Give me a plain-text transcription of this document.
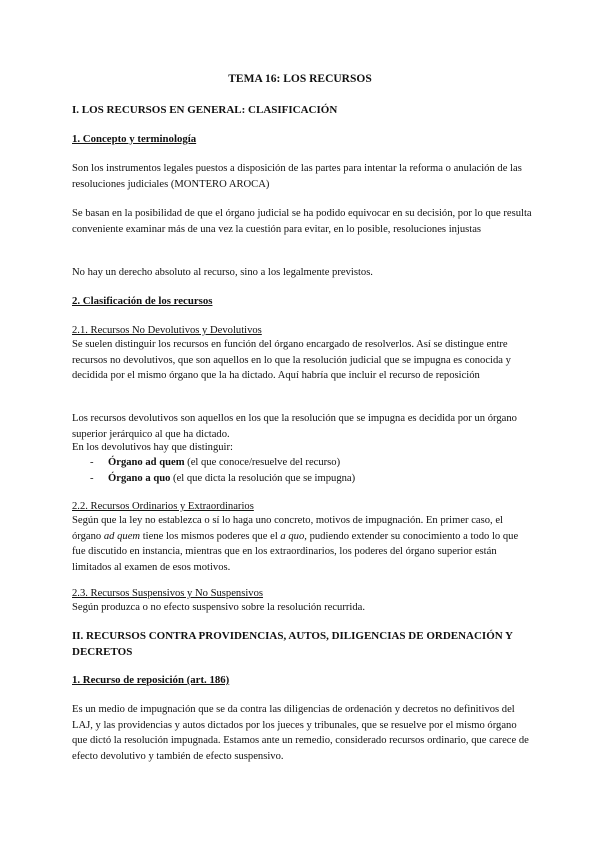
TEMA 16: LOS RECURSOS
I. LOS RECURSOS EN GENERAL: CLASIFICACIÓN
1. Concepto y terminología
Son los instrumentos legales puestos a disposición de las partes para intentar la reforma o anulación de las resoluciones judiciales (MONTERO AROCA)
Se basan en la posibilidad de que el órgano judicial se ha podido equivocar en su decisión, por lo que resulta conveniente examinar más de una vez la cuestión para evitar, en lo posible, resoluciones injustas
No hay un derecho absoluto al recurso, sino a los legalmente previstos.
2. Clasificación de los recursos
2.1. Recursos No Devolutivos y Devolutivos
Se suelen distinguir los recursos en función del órgano encargado de resolverlos. Así se distingue entre recursos no devolutivos, que son aquellos en lo que la resolución judicial que se impugna es conocida y decidida por el mismo órgano que la ha dictado. Aquí habría que incluir el recurso de reposición
Los recursos devolutivos son aquellos en los que la resolución que se impugna es decidida por un órgano superior jerárquico al que ha dictado.
En los devolutivos hay que distinguir:
- Órgano ad quem (el que conoce/resuelve del recurso)
- Órgano a quo (el que dicta la resolución que se impugna)
2.2. Recursos Ordinarios y Extraordinarios
Según que la ley no establezca o sí lo haga uno concreto, motivos de impugnación. En primer caso, el órgano ad quem tiene los mismos poderes que el a quo, pudiendo extender su conocimiento a todo lo que fue discutido en instancia, mientras que en los extraordinarios, los poderes del órgano superior están limitados al examen de esos motivos.
2.3. Recursos Suspensivos y No Suspensivos
Según produzca o no efecto suspensivo sobre la resolución recurrida.
II. RECURSOS CONTRA PROVIDENCIAS, AUTOS, DILIGENCIAS DE ORDENACIÓN Y DECRETOS
1. Recurso de reposición (art. 186)
Es un medio de impugnación que se da contra las diligencias de ordenación y decretos no definitivos del LAJ, y las providencias y autos dictados por los jueces y tribunales, que se resuelve por el mismo órgano que dictó la resolución impugnada. Estamos ante un remedio, considerado recursos ordinario, que carece de efecto devolutivo y también de efecto suspensivo.
